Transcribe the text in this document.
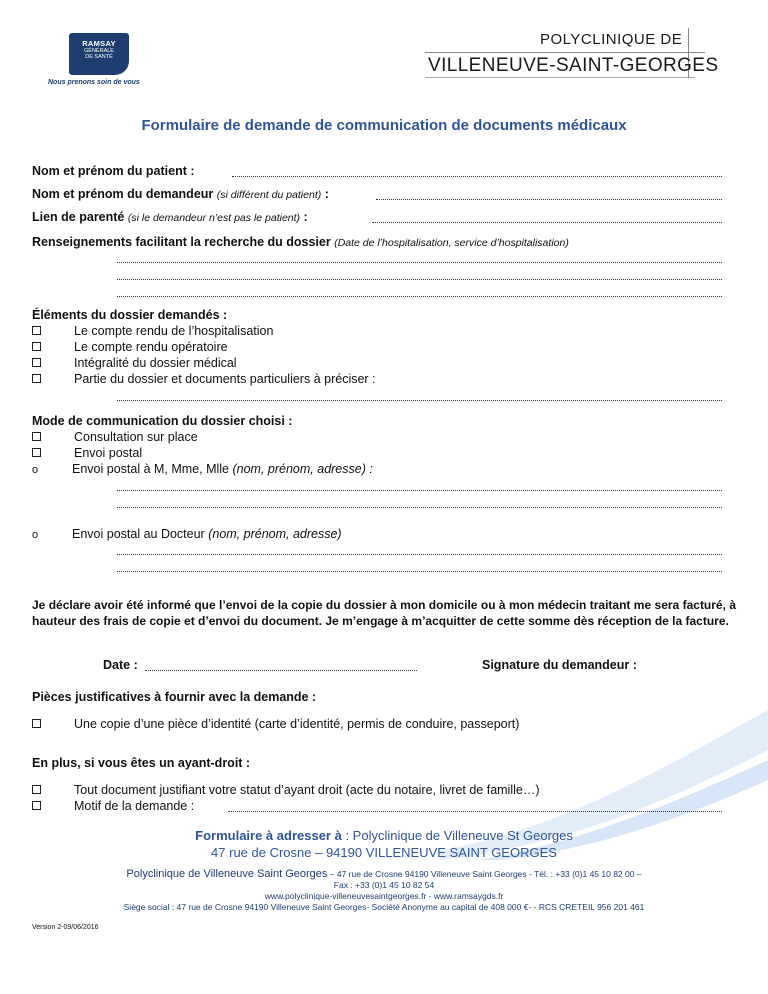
RAMSAY
GÉNÉRALE
DE SANTÉ
Nous prenons soin de vous
POLYCLINIQUE DE
VILLENEUVE-SAINT-GEORGES
Formulaire de demande de communication de documents médicaux
Nom et prénom du patient :
Nom et prénom du demandeur (si différent du patient) :
Lien de parenté (si le demandeur n’est pas le patient) :
Renseignements facilitant la recherche du dossier (Date de l’hospitalisation, service d’hospitalisation)
Éléments du dossier demandés :
Le compte rendu de l’hospitalisation
Le compte rendu opératoire
Intégralité du dossier médical
Partie du dossier et documents particuliers à préciser :
Mode de communication du dossier choisi :
Consultation sur place
Envoi postal
o	Envoi postal à M, Mme, Mlle (nom, prénom, adresse) :
o	Envoi postal au Docteur (nom, prénom, adresse)
Je déclare avoir été informé que l’envoi de la copie du dossier à mon domicile ou à mon médecin traitant me sera facturé, à hauteur des frais de copie et d’envoi du document. Je m’engage à m’acquitter de cette somme dès réception de la facture.
Date :	Signature du demandeur :
Pièces justificatives à fournir avec la demande :
Une copie d’une pièce d’identité (carte d’identité, permis de conduire, passeport)
En plus, si vous êtes un ayant-droit :
Tout document justifiant votre statut d’ayant droit (acte du notaire, livret de famille…)
Motif de la demande :
Formulaire à adresser à : Polyclinique de Villeneuve St Georges
47 rue de Crosne – 94190 VILLENEUVE SAINT GEORGES
Polyclinique de Villeneuve Saint Georges – 47 rue de Crosne 94190 Villeneuve Saint Georges - Tél. : +33 (0)1 45 10 82 00 –
Fax : +33 (0)1 45 10 82 54
www.polyclinique-villeneuvesaintgeorges.fr - www.ramsaygds.fr
Siège social : 47 rue de Crosne 94190 Villeneuve Saint Georges- Société Anonyme au capital de 408 000 €- - RCS CRETEIL 956 201 461
Version 2-09/06/2016
